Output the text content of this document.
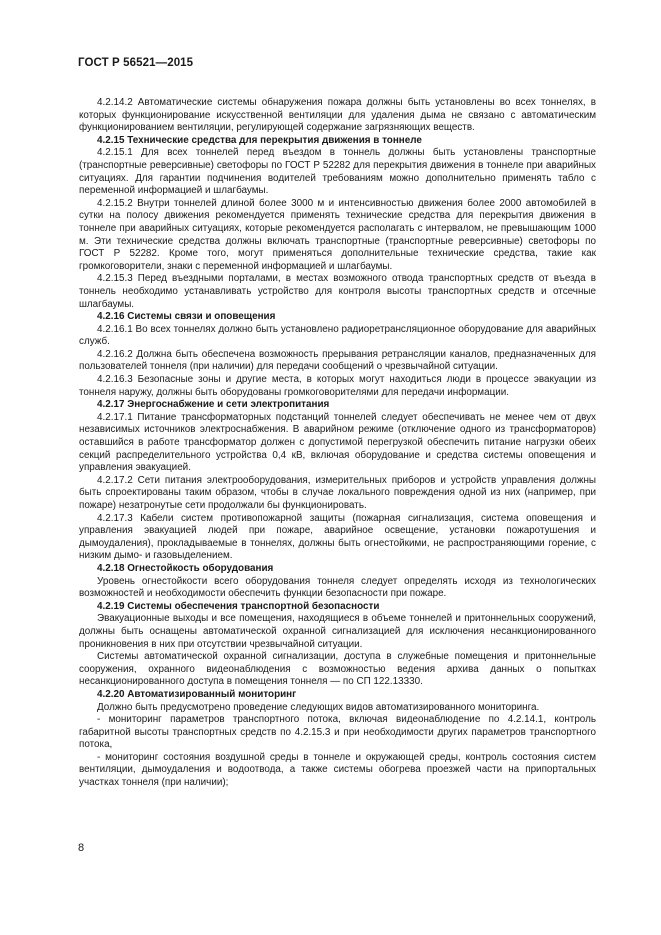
ГОСТ Р 56521—2015

4.2.14.2 Автоматические системы обнаружения пожара должны быть установлены во всех тоннелях, в которых функционирование искусственной вентиляции для удаления дыма не связано с автоматическим функционированием вентиляции, регулирующей содержание загрязняющих веществ.

4.2.15 Технические средства для перекрытия движения в тоннеле

4.2.15.1 Для всех тоннелей перед въездом в тоннель должны быть установлены транспортные (транспортные реверсивные) светофоры по ГОСТ Р 52282 для перекрытия движения в тоннеле при аварийных ситуациях. Для гарантии подчинения водителей требованиям можно дополнительно применять табло с переменной информацией и шлагбаумы.

4.2.15.2 Внутри тоннелей длиной более 3000 м и интенсивностью движения более 2000 автомобилей в сутки на полосу движения рекомендуется применять технические средства для перекрытия движения в тоннеле при аварийных ситуациях, которые рекомендуется располагать с интервалом, не превышающим 1000 м. Эти технические средства должны включать транспортные (транспортные реверсивные) светофоры по ГОСТ Р 52282. Кроме того, могут применяться дополнительные технические средства, такие как громкоговорители, знаки с переменной информацией и шлагбаумы.

4.2.15.3 Перед въездными порталами, в местах возможного отвода транспортных средств от въезда в тоннель необходимо устанавливать устройство для контроля высоты транспортных средств и отсечные шлагбаумы.

4.2.16 Системы связи и оповещения

4.2.16.1 Во всех тоннелях должно быть установлено радиоретрансляционное оборудование для аварийных служб.

4.2.16.2 Должна быть обеспечена возможность прерывания ретрансляции каналов, предназначенных для пользователей тоннеля (при наличии) для передачи сообщений о чрезвычайной ситуации.

4.2.16.3 Безопасные зоны и другие места, в которых могут находиться люди в процессе эвакуации из тоннеля наружу, должны быть оборудованы громкоговорителями для передачи информации.

4.2.17 Энергоснабжение и сети электропитания

4.2.17.1 Питание трансформаторных подстанций тоннелей следует обеспечивать не менее чем от двух независимых источников электроснабжения. В аварийном режиме (отключение одного из трансформаторов) оставшийся в работе трансформатор должен с допустимой перегрузкой обеспечить питание нагрузки обеих секций распределительного устройства 0,4 кВ, включая оборудование и средства системы оповещения и управления эвакуацией.

4.2.17.2 Сети питания электрооборудования, измерительных приборов и устройств управления должны быть спроектированы таким образом, чтобы в случае локального повреждения одной из них (например, при пожаре) незатронутые сети продолжали бы функционировать.

4.2.17.3 Кабели систем противопожарной защиты (пожарная сигнализация, система оповещения и управления эвакуацией людей при пожаре, аварийное освещение, установки пожаротушения и дымоудаления), прокладываемые в тоннелях, должны быть огнестойкими, не распространяющими горение, с низким дымо- и газовыделением.

4.2.18 Огнестойкость оборудования

Уровень огнестойкости всего оборудования тоннеля следует определять исходя из технологических возможностей и необходимости обеспечить функции безопасности при пожаре.

4.2.19 Системы обеспечения транспортной безопасности

Эвакуационные выходы и все помещения, находящиеся в объеме тоннелей и притоннельных сооружений, должны быть оснащены автоматической охранной сигнализацией для исключения несанкционированного проникновения в них при отсутствии чрезвычайной ситуации.

Системы автоматической охранной сигнализации, доступа в служебные помещения и притоннельные сооружения, охранного видеонаблюдения с возможностью ведения архива данных о попытках несанкционированного доступа в помещения тоннеля — по СП 122.13330.

4.2.20 Автоматизированный мониторинг

Должно быть предусмотрено проведение следующих видов автоматизированного мониторинга.

- мониторинг параметров транспортного потока, включая видеонаблюдение по 4.2.14.1, контроль габаритной высоты транспортных средств по 4.2.15.3 и при необходимости других параметров транспортного потока,

- мониторинг состояния воздушной среды в тоннеле и окружающей среды, контроль состояния систем вентиляции, дымоудаления и водоотвода, а также системы обогрева проезжей части на припортальных участках тоннеля (при наличии);

8
